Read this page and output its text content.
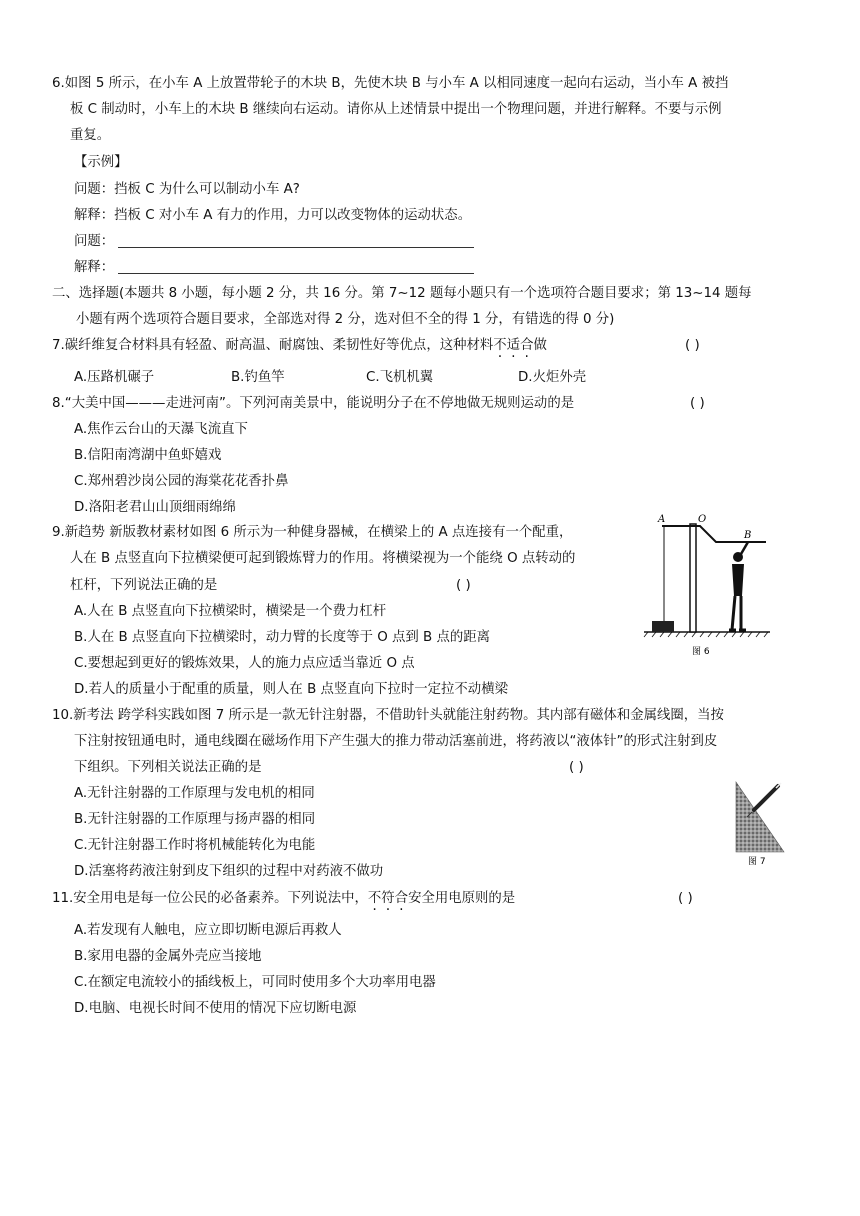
6.如图 5 所示，在小车 A 上放置带轮子的木块 B，先使木块 B 与小车 A 以相同速度一起向右运动，当小车 A 被挡
板 C 制动时，小车上的木块 B 继续向右运动。请你从上述情景中提出一个物理问题，并进行解释。不要与示例
重复。
【示例】
问题：挡板 C 为什么可以制动小车 A?
解释：挡板 C 对小车 A 有力的作用，力可以改变物体的运动状态。
问题：
解释：
二、选择题(本题共 8 小题，每小题 2 分，共 16 分。第 7~12 题每小题只有一个选项符合题目要求；第 13~14 题每
小题有两个选项符合题目要求，全部选对得 2 分，选对但不全的得 1 分，有错选的得 0 分)
7.碳纤维复合材料具有轻盈、耐高温、耐腐蚀、柔韧性好等优点，这种材料不适合做	( )
A.压路机碾子	B.钓鱼竿	C.飞机机翼	D.火炬外壳
8.“大美中国———走进河南”。下列河南美景中，能说明分子在不停地做无规则运动的是	( )
A.焦作云台山的天瀑飞流直下
B.信阳南湾湖中鱼虾嬉戏
C.郑州碧沙岗公园的海棠花花香扑鼻
D.洛阳老君山山顶细雨绵绵
9.新趋势 新版教材素材如图 6 所示为一种健身器械，在横梁上的 A 点连接有一个配重，
人在 B 点竖直向下拉横梁便可起到锻炼臂力的作用。将横梁视为一个能绕 O 点转动的
杠杆，下列说法正确的是	( )
A.人在 B 点竖直向下拉横梁时，横梁是一个费力杠杆
B.人在 B 点竖直向下拉横梁时，动力臂的长度等于 O 点到 B 点的距离
C.要想起到更好的锻炼效果，人的施力点应适当靠近 O 点
D.若人的质量小于配重的质量，则人在 B 点竖直向下拉时一定拉不动横梁
A	O
B
图 6
10.新考法 跨学科实践如图 7 所示是一款无针注射器，不借助针头就能注射药物。其内部有磁体和金属线圈，当按
下注射按钮通电时，通电线圈在磁场作用下产生强大的推力带动活塞前进，将药液以“液体针”的形式注射到皮
下组织。下列相关说法正确的是	( )
A.无针注射器的工作原理与发电机的相同
B.无针注射器的工作原理与扬声器的相同
C.无针注射器工作时将机械能转化为电能
D.活塞将药液注射到皮下组织的过程中对药液不做功
图 7
11.安全用电是每一位公民的必备素养。下列说法中，不符合安全用电原则的是	( )
A.若发现有人触电，应立即切断电源后再救人
B.家用电器的金属外壳应当接地
C.在额定电流较小的插线板上，可同时使用多个大功率用电器
D.电脑、电视长时间不使用的情况下应切断电源
